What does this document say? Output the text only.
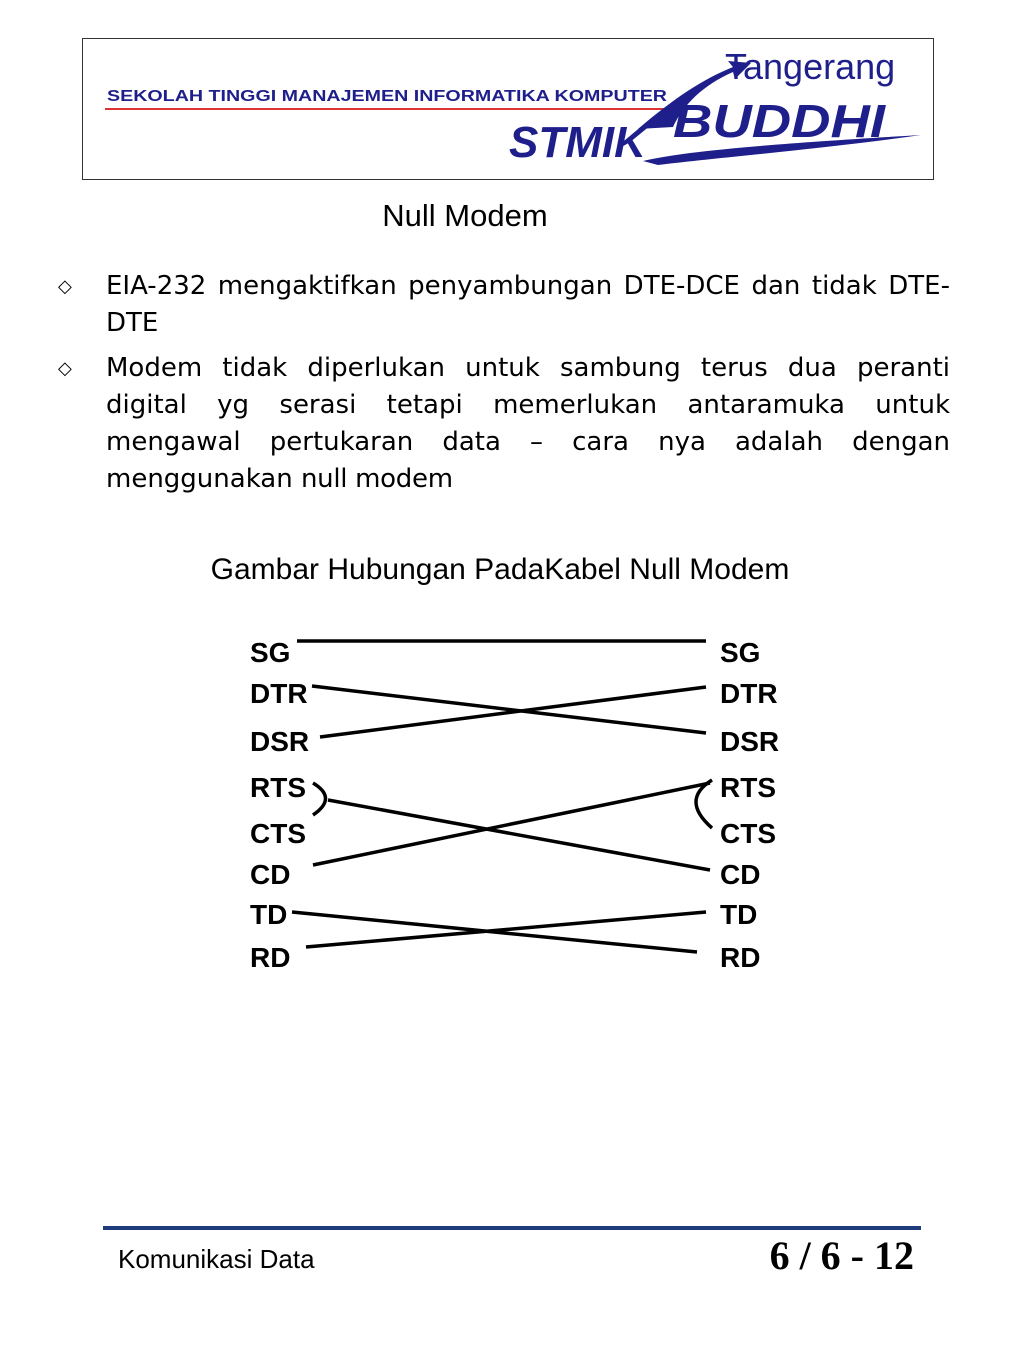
SEKOLAH TINGGI MANAJEMEN INFORMATIKA KOMPUTER
Tangerang
STMIK BUDDHI
Null Modem
◇ EIA-232 mengaktifkan penyambungan DTE-DCE dan tidak DTE-DTE
◇ Modem tidak diperlukan untuk sambung terus dua peranti digital yg serasi tetapi memerlukan antaramuka untuk mengawal pertukaran data – cara nya adalah dengan menggunakan null modem
Gambar Hubungan PadaKabel Null Modem
SG
DTR
DSR
RTS
CTS
CD
TD
RD
SG
DTR
DSR
RTS
CTS
CD
TD
RD
Komunikasi Data	6 / 6 - 12
